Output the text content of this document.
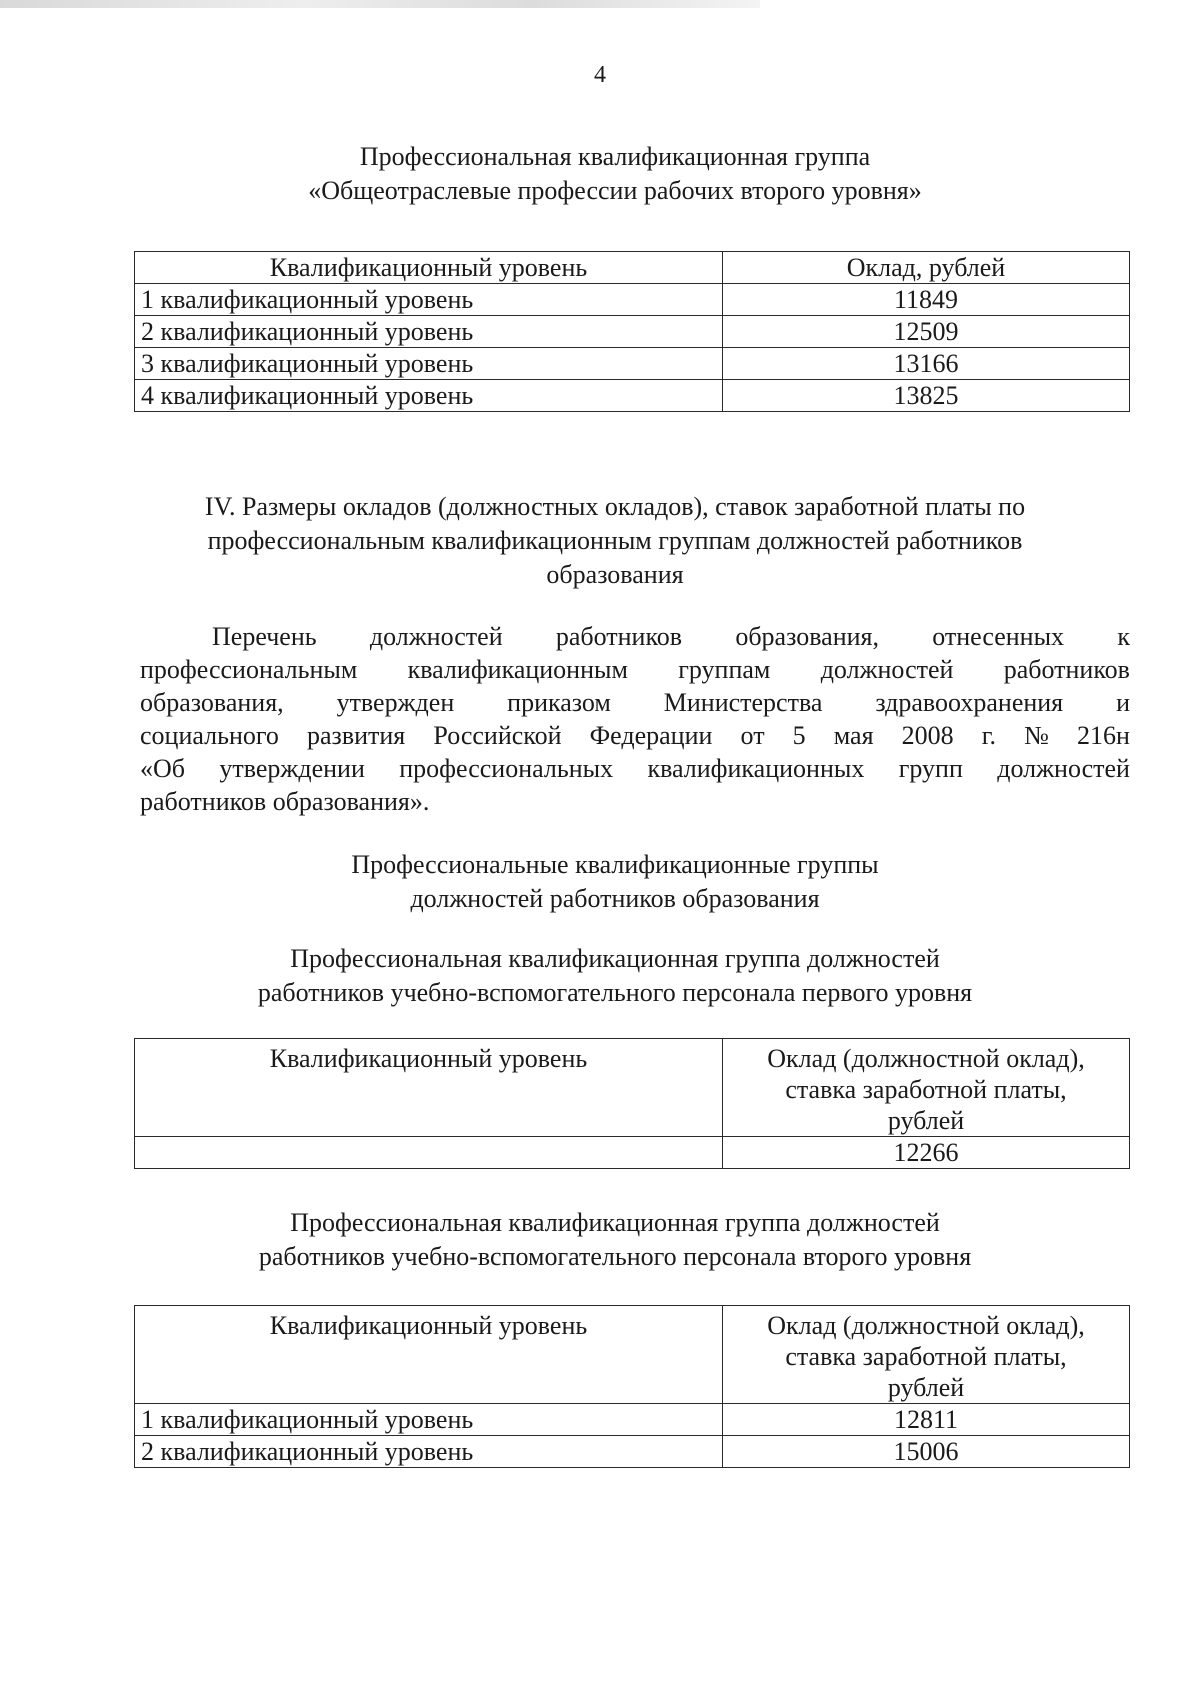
4
Профессиональная квалификационная группа
«Общеотраслевые профессии рабочих второго уровня»
Квалификационный уровень	Оклад, рублей
1 квалификационный уровень	11849
2 квалификационный уровень	12509
3 квалификационный уровень	13166
4 квалификационный уровень	13825
IV. Размеры окладов (должностных окладов), ставок заработной платы по
профессиональным квалификационным группам должностей работников
образования
Перечень должностей работников образования, отнесенных к
профессиональным квалификационным группам должностей работников
образования, утвержден приказом Министерства здравоохранения и
социального развития Российской Федерации от 5 мая 2008 г. № 216н
«Об утверждении профессиональных квалификационных групп должностей
работников образования».
Профессиональные квалификационные группы
должностей работников образования
Профессиональная квалификационная группа должностей
работников учебно-вспомогательного персонала первого уровня
Квалификационный уровень	Оклад (должностной оклад),
ставка заработной платы,
рублей

	12266
Профессиональная квалификационная группа должностей
работников учебно-вспомогательного персонала второго уровня
Квалификационный уровень	Оклад (должностной оклад),
ставка заработной платы,
рублей

1 квалификационный уровень	12811
2 квалификационный уровень	15006
